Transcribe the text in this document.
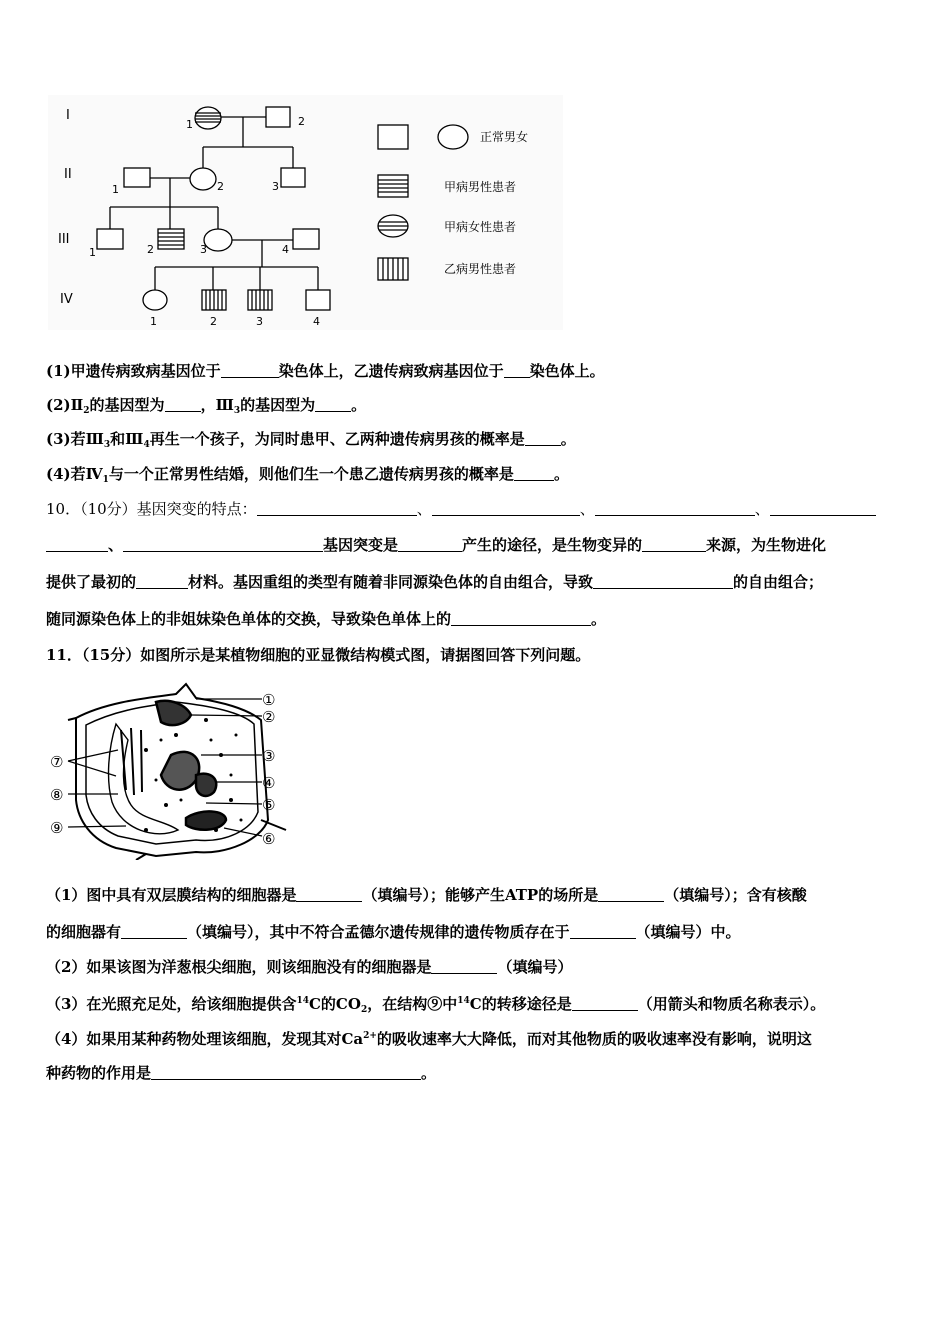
I
II
III
IV
1	2
1	2	3
1	2	3	4
1	2	3	4
正常男女
甲病男性患者
甲病女性患者
乙病男性患者
(1)甲遗传病致病基因位于	染色体上，乙遗传病致病基因位于 染色体上。
$(2)Ⅱ_2$的基因型为 ，$Ⅲ_3$的基因型为 。
(3)若$Ⅲ_3$和$Ⅲ_4$再生一个孩子，为同时患甲、乙两种遗传病男孩的概率是 。
(4)若$Ⅳ_1$与一个正常男性结婚，则他们生一个患乙遗传病男孩的概率是	。
10．（10分）基因突变的特点：	、	、	、
、	基因突变是	产生的途径，是生物变异的	来源，为生物进化
提供了最初的	材料。基因重组的类型有随着非同源染色体的自由组合，导致	的自由组合；
随同源染色体上的非姐妹染色单体的交换，导致染色单体上的	。
11．（15分）如图所示是某植物细胞的亚显微结构模式图，请据图回答下列问题。
①
②
③
④
⑤
⑥
⑦
⑧
⑨
（1）图中具有双层膜结构的细胞器是	（填编号）；能够产生ATP的场所是	（填编号）；含有核酸
的细胞器有	（填编号），其中不符合孟德尔遗传规律的遗传物质存在于	（填编号）中。
（2）如果该图为洋葱根尖细胞，则该细胞没有的细胞器是	（填编号）
（3）在光照充足处，给该细胞提供含$^{14}$C的$CO_2$，在结构⑨中$^{14}$C的转移途径是	（用箭头和物质名称表示）。
（4）如果用某种药物处理该细胞，发现其对$Ca^{2+}$的吸收速率大大降低，而对其他物质的吸收速率没有影响，说明这
种药物的作用是	。
